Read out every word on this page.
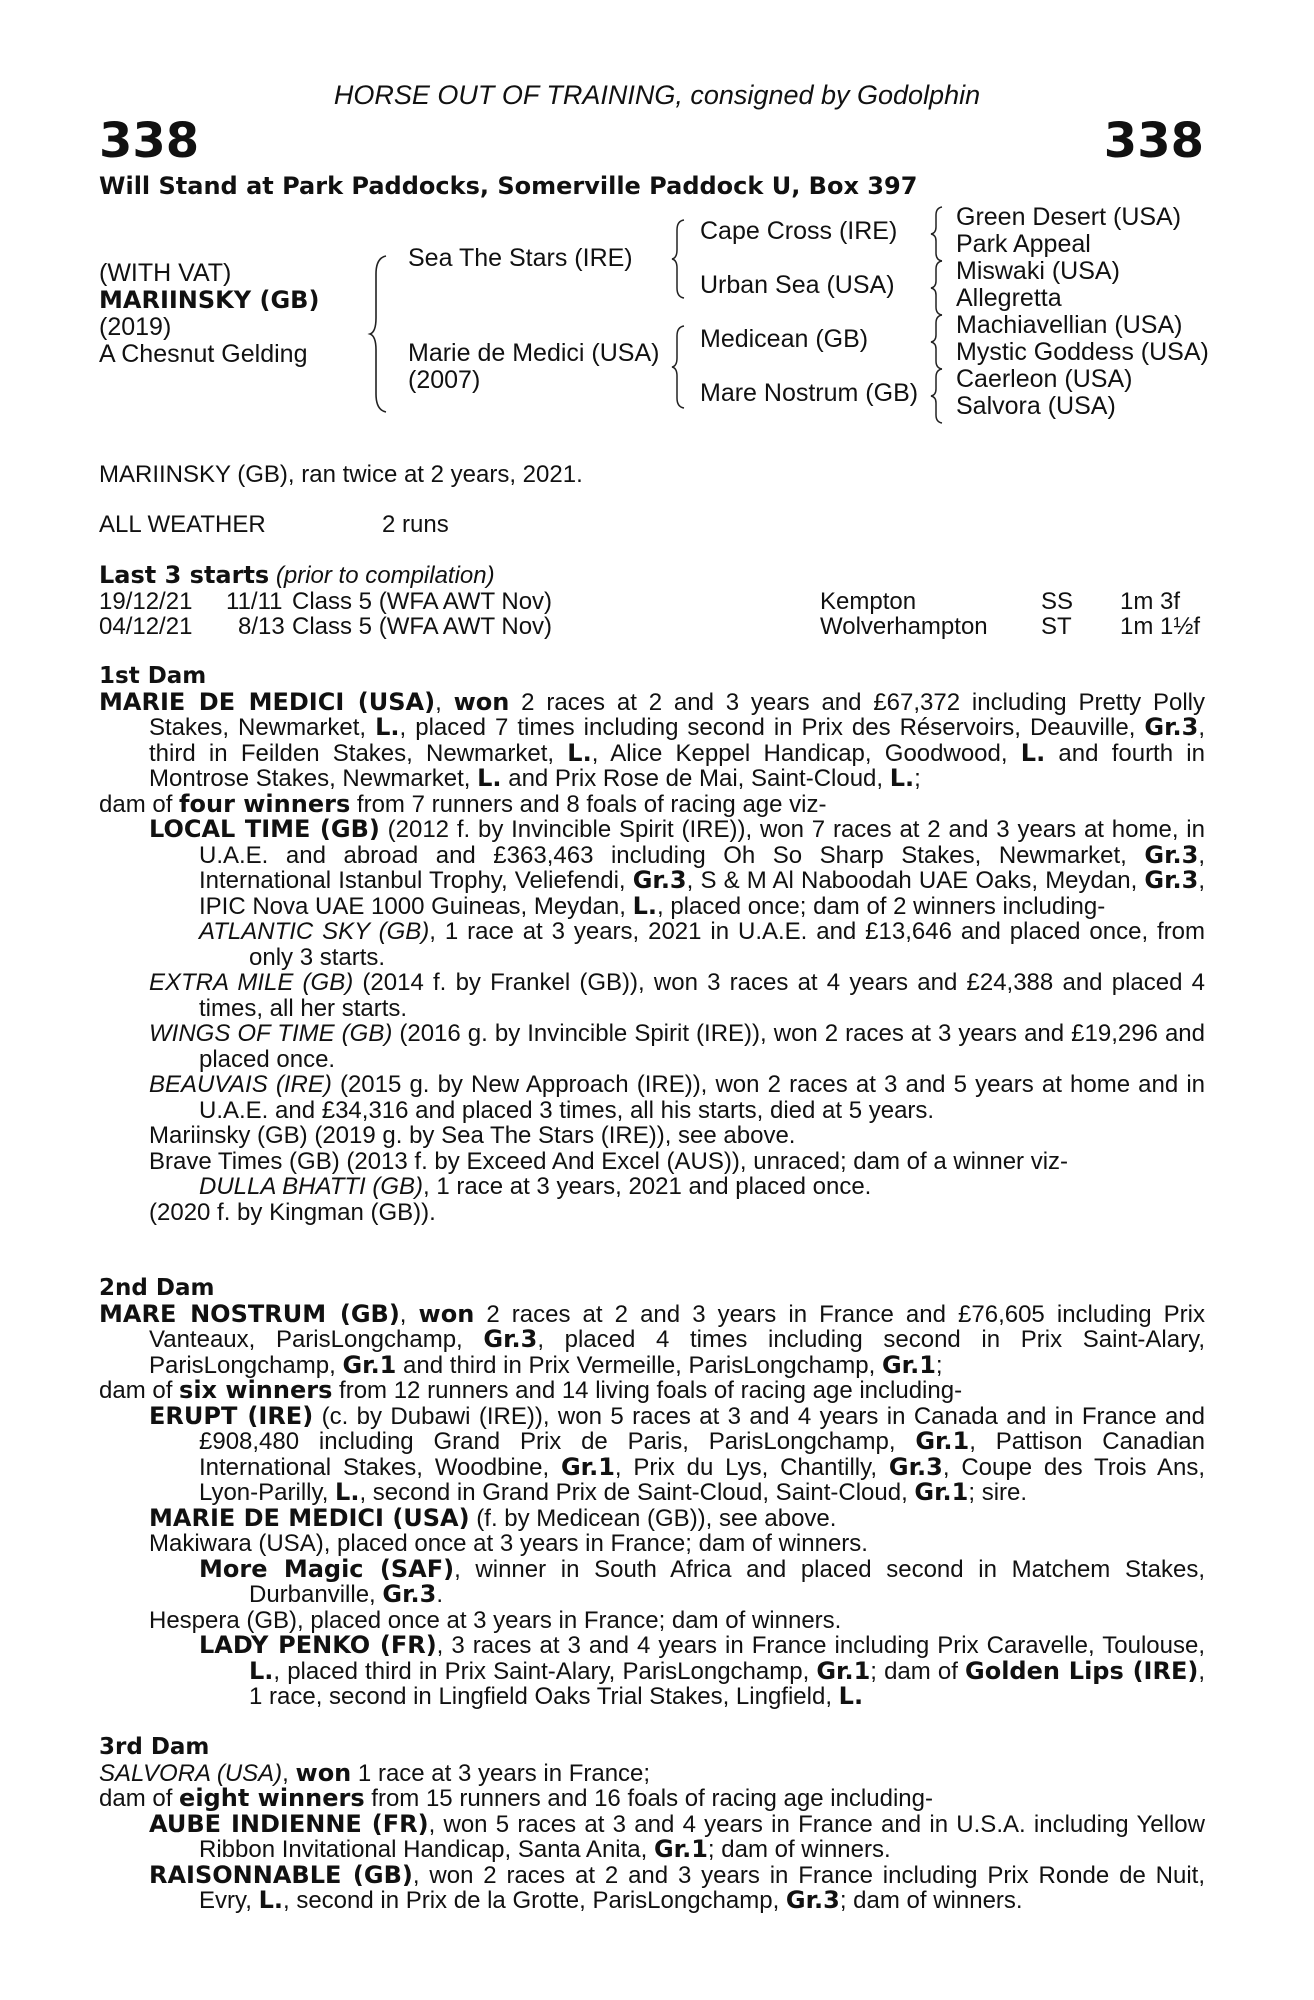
HORSE OUT OF TRAINING, consigned by Godolphin
338	338
Will Stand at Park Paddocks, Somerville Paddock U, Box 397
(WITH VAT)
MARIINSKY (GB)
(2019)
A Chesnut Gelding
Sea The Stars (IRE)
Marie de Medici (USA)
(2007)
Cape Cross (IRE)
Urban Sea (USA)
Medicean (GB)
Mare Nostrum (GB)
Green Desert (USA)
Park Appeal
Miswaki (USA)
Allegretta
Machiavellian (USA)
Mystic Goddess (USA)
Caerleon (USA)
Salvora (USA)
MARIINSKY (GB), ran twice at 2 years, 2021.
ALL WEATHER	2 runs
Last 3 starts (prior to compilation)
19/12/21 11/11 Class 5 (WFA AWT Nov)	Kempton	SS 1m 3f
04/12/21 8/13 Class 5 (WFA AWT Nov)	Wolverhampton ST 1m 1½f
1st Dam

MARIE DE MEDICI (USA), won 2 races at 2 and 3 years and £67,372 including Pretty Polly Stakes, Newmarket, L., placed 7 times including second in Prix des Réservoirs, Deauville, Gr.3, third in Feilden Stakes, Newmarket, L., Alice Keppel Handicap, Goodwood, L. and fourth in Montrose Stakes, Newmarket, L. and Prix Rose de Mai, Saint-Cloud, L.;

dam of four winners from 7 runners and 8 foals of racing age viz-

LOCAL TIME (GB) (2012 f. by Invincible Spirit (IRE)), won 7 races at 2 and 3 years at home, in U.A.E. and abroad and £363,463 including Oh So Sharp Stakes, Newmarket, Gr.3, International Istanbul Trophy, Veliefendi, Gr.3, S & M Al Naboodah UAE Oaks, Meydan, Gr.3, IPIC Nova UAE 1000 Guineas, Meydan, L., placed once; dam of 2 winners including-

ATLANTIC SKY (GB), 1 race at 3 years, 2021 in U.A.E. and £13,646 and placed once, from only 3 starts.

EXTRA MILE (GB) (2014 f. by Frankel (GB)), won 3 races at 4 years and £24,388 and placed 4 times, all her starts.

WINGS OF TIME (GB) (2016 g. by Invincible Spirit (IRE)), won 2 races at 3 years and £19,296 and placed once.

BEAUVAIS (IRE) (2015 g. by New Approach (IRE)), won 2 races at 3 and 5 years at home and in U.A.E. and £34,316 and placed 3 times, all his starts, died at 5 years.

Mariinsky (GB) (2019 g. by Sea The Stars (IRE)), see above.

Brave Times (GB) (2013 f. by Exceed And Excel (AUS)), unraced; dam of a winner viz-

DULLA BHATTI (GB), 1 race at 3 years, 2021 and placed once.

(2020 f. by Kingman (GB)).

2nd Dam

MARE NOSTRUM (GB), won 2 races at 2 and 3 years in France and £76,605 including Prix Vanteaux, ParisLongchamp, Gr.3, placed 4 times including second in Prix Saint-Alary, ParisLongchamp, Gr.1 and third in Prix Vermeille, ParisLongchamp, Gr.1;

dam of six winners from 12 runners and 14 living foals of racing age including-

ERUPT (IRE) (c. by Dubawi (IRE)), won 5 races at 3 and 4 years in Canada and in France and £908,480 including Grand Prix de Paris, ParisLongchamp, Gr.1, Pattison Canadian International Stakes, Woodbine, Gr.1, Prix du Lys, Chantilly, Gr.3, Coupe des Trois Ans, Lyon-Parilly, L., second in Grand Prix de Saint-Cloud, Saint-Cloud, Gr.1; sire.

MARIE DE MEDICI (USA) (f. by Medicean (GB)), see above.

Makiwara (USA), placed once at 3 years in France; dam of winners.

More Magic (SAF), winner in South Africa and placed second in Matchem Stakes, Durbanville, Gr.3.

Hespera (GB), placed once at 3 years in France; dam of winners.

LADY PENKO (FR), 3 races at 3 and 4 years in France including Prix Caravelle, Toulouse, L., placed third in Prix Saint-Alary, ParisLongchamp, Gr.1; dam of Golden Lips (IRE), 1 race, second in Lingfield Oaks Trial Stakes, Lingfield, L.

3rd Dam

SALVORA (USA), won 1 race at 3 years in France;

dam of eight winners from 15 runners and 16 foals of racing age including-

AUBE INDIENNE (FR), won 5 races at 3 and 4 years in France and in U.S.A. including Yellow Ribbon Invitational Handicap, Santa Anita, Gr.1; dam of winners.

RAISONNABLE (GB), won 2 races at 2 and 3 years in France including Prix Ronde de Nuit, Evry, L., second in Prix de la Grotte, ParisLongchamp, Gr.3; dam of winners.
